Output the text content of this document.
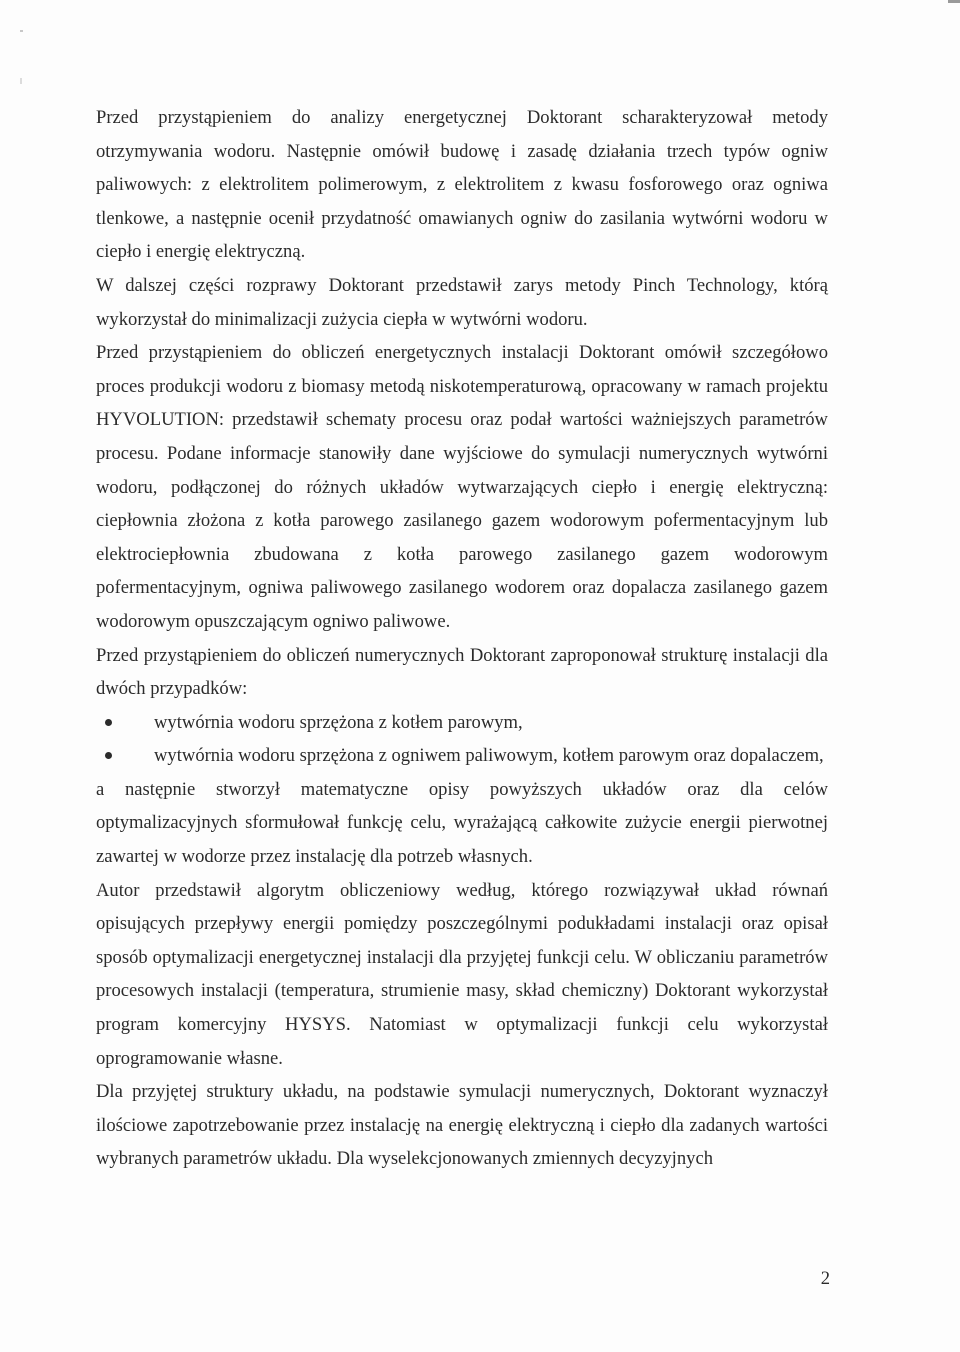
Przed przystąpieniem do analizy energetycznej Doktorant scharakteryzował metody otrzymywania wodoru. Następnie omówił budowę i zasadę działania trzech typów ogniw paliwowych: z elektrolitem polimerowym, z elektrolitem z kwasu fosforowego oraz ogniwa tlenkowe, a następnie ocenił przydatność omawianych ogniw do zasilania wytwórni wodoru w ciepło i energię elektryczną.

W dalszej części rozprawy Doktorant przedstawił zarys metody Pinch Technology, którą wykorzystał do minimalizacji zużycia ciepła w wytwórni wodoru.

Przed przystąpieniem do obliczeń energetycznych instalacji Doktorant omówił szczegółowo proces produkcji wodoru z biomasy metodą niskotemperaturową, opracowany w ramach projektu HYVOLUTION: przedstawił schematy procesu oraz podał wartości ważniejszych parametrów procesu. Podane informacje stanowiły dane wyjściowe do symulacji numerycznych wytwórni wodoru, podłączonej do różnych układów wytwarzających ciepło i energię elektryczną: ciepłownia złożona z kotła parowego zasilanego gazem wodorowym pofermentacyjnym lub elektrociepłownia zbudowana z kotła parowego zasilanego gazem wodorowym pofermentacyjnym, ogniwa paliwowego zasilanego wodorem oraz dopalacza zasilanego gazem wodorowym opuszczającym ogniwo paliwowe.

Przed przystąpieniem do obliczeń numerycznych Doktorant zaproponował strukturę instalacji dla dwóch przypadków:

wytwórnia wodoru sprzężona z kotłem parowym,
wytwórnia wodoru sprzężona z ogniwem paliwowym, kotłem parowym oraz dopalaczem,

a następnie stworzył matematyczne opisy powyższych układów oraz dla celów optymalizacyjnych sformułował funkcję celu, wyrażającą całkowite zużycie energii pierwotnej zawartej w wodorze przez instalację dla potrzeb własnych.

Autor przedstawił algorytm obliczeniowy według, którego rozwiązywał układ równań opisujących przepływy energii pomiędzy poszczególnymi podukładami instalacji oraz opisał sposób optymalizacji energetycznej instalacji dla przyjętej funkcji celu. W obliczaniu parametrów procesowych instalacji (temperatura, strumienie masy, skład chemiczny) Doktorant wykorzystał program komercyjny HYSYS. Natomiast w optymalizacji funkcji celu wykorzystał oprogramowanie własne.

Dla przyjętej struktury układu, na podstawie symulacji numerycznych, Doktorant wyznaczył ilościowe zapotrzebowanie przez instalację na energię elektryczną i ciepło dla zadanych wartości wybranych parametrów układu. Dla wyselekcjonowanych zmiennych decyzyjnych

2
